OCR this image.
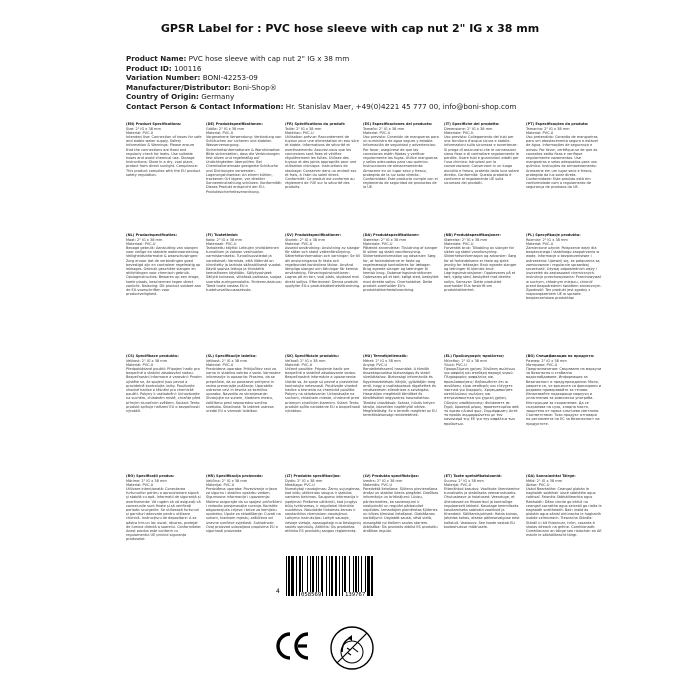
GPSR Label for : PVC hose sleeve with cap nut 2" IG x 38 mm
Product Name: PVC hose sleeve with cap nut 2" IG x 38 mm
Product ID: 100116
Variation Number: BONI-42253-09
Manufacturer/Distributor: Boni-Shop®
Country of Origin: Germany
Contact Person & Contact Information: Hr. Stanislav Maer, +49(0)4221 45 777 00, info@boni-shop.com
(EN) Product Specifications:
Size: 2" IG x 38 mm
Material: PVC-U
Intended Use: Connection of hoses for safe and stable water supply. Safety Information & Warnings: Please ensure that the connections are fixed and regularly check for leaks. Use suitable hoses and avoid chemical use. Storage Instructions: Store in a dry, cool place, protect from direct sunlight. Compliance: This product complies with the EU product safety regulation.
(DE) Produktspezifikationen:
Größe: 2" IG x 38 mm
Material: PVC-U
Vorgesehene Verwendung: Verbindung von Schläuchen zur sicheren und stabilen Wasserversorgung. Sicherheitsinformationen & Warnhinweise: Bitte sicherstellen, dass die Verbindungen fest sitzen und regelmäßig auf Undichtigkeiten überprüfen. Bei Chemikalieneinsatz geeignete Schläuche und Dichtungen verwenden. Lagerungshinweise: An einem kühlen, trockenen Ort lagern, vor direkter Sonneneinstrahlung schützen. Konformität: Dieses Produkt entspricht der EU-Produktsicherheitsverordnung.
(FR) Spécifications du produit:
Taille: 2" IG x 38 mm
Matériau: PVC-U
Utilisation prévue: Raccordement de tuyaux pour une alimentation en eau sûre et stable. Informations de sécurité et avertissements: Assurez-vous que les connexions sont fixes et vérifiez régulièrement les fuites. Utilisez des tuyaux et des joints appropriés pour une utilisation chimique. Instructions de stockage: Conserver dans un endroit sec et frais, à l'abri du soleil direct. Conformité: Ce produit est conforme au règlement de l'UE sur la sécurité des produits.
(ES) Especificaciones del producto:
Tamaño: 2" IG x 38 mm
Material: PVC-U
Uso previsto: Conexión de mangueras para un suministro de agua seguro y estable. Información de seguridad y advertencias: Por favor, asegúrese de que las conexiones estén fijadas y verificar regularmente las fugas. Utilice mangueras y sellos adecuados para uso químico. Instrucciones de almacenamiento: Almacene en un lugar seco y fresco, protegido de la luz solar directa. Conformidad: Este producto cumple con el reglamento de seguridad de productos de la UE.
(IT) Specifiche del prodotto:
Dimensione: 2" IG x 38 mm
Materiale: PVC-U
Uso previsto: Collegamento dei tubi per una fornitura d'acqua sicura e stabile. Informazioni sulla sicurezza e avvertenze: Si prega di assicurarsi che le connessioni siano fisse e di controllare regolarmente le perdite. Usare tubi e guarnizioni adatti per l'uso chimico. Istruzioni per la conservazione: Conservare in un luogo asciutto e fresco, protetto dalla luce solare diretta. Conformità: Questo prodotto è conforme al regolamento UE sulla sicurezza dei prodotti.
(PT) Especificações do produto:
Tamanho: 2" IG x 38 mm
Material: PVC-U
Uso pretendido: Conexão de mangueiras para um abastecimento seguro e estável de água. Informações de segurança e avisos: Por favor, certifique-se de que as conexões estão fixas e verifique regularmente vazamentos. Use mangueiras e selos adequados para uso químico. Instruções de armazenamento: Armazene em um lugar seco e fresco, protegido da luz solar direta. Conformidade: Este produto está em conformidade com o regulamento de segurança de produtos da UE.
(NL) Productspecificaties:
Maat: 2" IG x 38 mm
Materiaal: PVC-U
Beoogd gebruik: Aansluiting van slangen voor veilige en stabiele watervoorziening. Veiligheidsinformatie & waarschuwingen: Zorg ervoor dat de verbindingen goed bevestigd zijn en controleer regelmatig op lekkages. Gebruik geschikte slangen en afdichtingen voor chemisch gebruik. Opslaginstructies: Bewaren op een droge, koele plaats, beschermen tegen direct zonlicht. Naleving: Dit product voldoet aan de EU-voorschriften voor productveiligheid.
(FI) Tuotetiedot:
Koko: 2" IG x 38 mm
Materiaali: PVC-U
Tarkoitettu käyttö: Letkujen yhdistäminen turvallisen ja vakaan vesihuollon varmistamiseksi. Turvallisuustiedot ja varoitukset: Varmista, että liitännät on kiinnitetty ja tarkista säännöllisesti vuodot. Käytä sopivia letkuja ja tiivisteitä kemialliseen käyttöön. Säilytysohjeet: Säilytä kuivassa, viileässä paikassa, suojaa suoralta auringonvalolta. Yhdenmukaisuus: Tämä tuote vastaa EU:n tuoteturvallisuusasetusta.
(SV) Produktspecifikationer:
Storlek: 2" IG x 38 mm
Material: PVC-U
Avsedd användning: Anslutning av slangar för säker och stabil vattenförsörjning. Säkerhetsinformation och varningar: Se till att anslutningarna är fasta och regelbundet kontrollera läckor. Använd lämpliga slangar och tätningar för kemisk användning. Förvaringsinstruktioner: Lagras på en torr, sval plats, skyddad mot direkt solljus. Efterlevnad: Denna produkt uppfyller EU:s produktsäkerhetsförordning.
(DA) Produktspecifikationer:
Størrelse: 2" IG x 38 mm
Materiale: PVC-U
Påtænkt anvendelse: Tilslutning af slanger til sikker og stabil vandforsyning. Sikkerhedsinformation og advarsler: Sørg for, at forbindelserne er faste og regelmæssigt kontrolleres for lækager. Brug egnede slanger og tætninger til kemisk brug. Opbevaringsinstruktioner: Opbevares på et tørt, køligt sted, beskyttet mod direkte sollys. Overholdelse: Dette produkt overholder EU's produktsikkerhedsforordning.
(NB) Produktspesifikasjoner:
Størrelse: 2" IG x 38 mm
Materiale: PVC-U
Forventet bruk: Tilkobling av slanger for sikker og stabil vannforsyning. Sikkerhetsinformasjon og advarsler: Sørg for at forbindelsene er faste og sjekk jevnlig for lekkasjer. Bruk egnede slanger og tetninger til kjemisk bruk. Lagringsinstruksjoner: Oppbevares på et tørt, kjølig sted, beskyttet mot direkte sollys. Samsvar: Dette produktet overholder EUs forskrift om produktsikkerhet.
(PL) Specyfikacje produktu:
Rozmiar: 2" IG x 38 mm
Materiał: PVC-U
Zamierzone użycie: Połączenie węży dla bezpiecznego i stabilnego zaopatrzenia w wodę. Informacje o bezpieczeństwie i ostrzeżenia: Upewnij się, że połączenia są zamocowane i regularnie sprawdzaj szczelność. Używaj odpowiednich węży i uszczelek do zastosowań chemicznych. Instrukcje przechowywania: Przechowywać w suchym, chłodnym miejscu, chronić przed bezpośrednim światłem słonecznym. Zgodność: Ten produkt jest zgodny z rozporządzeniem UE w sprawie bezpieczeństwa produktów.
(CS) Specifikace produktu:
Velikost: 2" IG x 38 mm
Materiál: PVC-U
Předpokládané použití: Připojení hadic pro bezpečné a stabilní zásobování vodou. Bezpečnostní informace a varování: Prosím ujistěte se, že spojení jsou pevná a pravidelně kontrolujte úniky. Používejte vhodné hadice a těsnění pro chemické použití. Pokyny k uskladnění: Uchovávejte na suchém, chladném místě, chraňte před přímým slunečním světlem. Soulad: Tento produkt splňuje nařízení EU o bezpečnosti výrobků.
(SL) Specifikacije izdelka:
Velikost: 2" IG x 38 mm
Material: PVC-U
Predvidena uporaba: Priključitev cevi za varno in stabilno oskrbo z vodo. Varnostne informacije in opozorila: Prosimo, da se prepričate, da so povezave pritrjene in redno preverjajte puščanje. Uporabite ustrezne cevi in tesnila za kemično uporabo. Navodila za shranjevanje: Shranjujte na suhem, hladnem mestu, zaščiteno pred neposredno sončno svetlobo. Skladnost: Ta izdelek ustreza uredbi EU o varnosti izdelkov.
(SK) Špecifikácie produktu:
Veľkosť: 2" IG x 38 mm
Materiál: PVC-U
Určené použitie: Pripojenie hadíc pre bezpečné a stabilné zásobovanie vodou. Bezpečnostné informácie a upozornenia: Uistite sa, že spoje sú pevné a pravidelne kontrolujte netesnosti. Používajte vhodné hadice a tesnenia na chemické použitie. Pokyny na skladovanie: Uchovávajte na suchom, chladnom mieste, chránené pred priamym slnečným žiarením. Súlad: Tento produkt spĺňa nariadenie EÚ o bezpečnosti výrobkov.
(HU) Termékjellemzők:
Méret: 2" IG x 38 mm
Anyag: PVC-U
Rendeltetésszerű használat: A tömlők összekapcsolása biztonságos és stabil vízellátáshoz. Biztonsági információk és figyelmeztetések: Kérjük, győződjön meg arról, hogy a csatlakozások rögzítettek és rendszeresen ellenőrizze a szivárgást. Használjon megfelelő tömlőket és tömítéseket vegyszeres használathoz. Tárolási utasítások: Száraz, hűvös helyen tárolja, közvetlen napfénytől védve. Megfelelőség: Ez a termék megfelel az EU termékbiztonsági rendeletének.
(EL) Προδιαγραφές προϊόντος:
Μέγεθος: 2" IG x 38 mm
Υλικό: PVC-U
Προοριζόμενη χρήση: Σύνδεση σωλήνων για ασφαλή και σταθερή παροχή νερού. Πληροφορίες ασφαλείας και προειδοποιήσεις: Βεβαιωθείτε ότι οι συνδέσεις είναι σταθερές και ελέγχετε τακτικά για διαρροές. Χρησιμοποιήστε κατάλληλους σωλήνες και στεγανοποιητικά για χημική χρήση. Οδηγίες αποθήκευσης: Φυλάσσετε σε ξηρό, δροσερό μέρος, προστατευμένο από το άμεσο ηλιακό φως. Συμμόρφωση: Αυτό το προϊόν συμμορφώνεται με τον κανονισμό της ΕΕ για την ασφάλεια των προϊόντων.
(BG) Спецификации на продукта:
Размер: 2" IG x 38 mm
Материал: PVC-U
Предназначение: Свързване на маркучи за безопасно и стабилно водоснабдяване. Информация за безопасност и предупреждения: Моля, уверете се, че връзките са фиксирани и редовно проверявайте за течове. Използвайте подходящи маркучи и уплътнения за химическа употреба. Инструкции за съхранение: Да се съхранява на сухо, хладно място, защитено от пряка слънчева светлина. Съответствие: Този продукт отговаря на регламента на ЕС за безопасност на продуктите.
(RO) Specificații produs:
Mărime: 2" IG x 38 mm
Material: PVC-U
Utilizare intenționată: Conectarea furtunurilor pentru o aprovizionare sigură și stabilă cu apă. Informații de siguranță și avertismente: Vă rugăm să vă asigurați că conexiunile sunt fixate și să verificați periodic scurgerile. Se utilizează furtunuri și garnituri adecvate pentru utilizare chimică. Instrucțiuni de depozitare: A se păstra într-un loc uscat, răcoros, protejat de lumina directă a soarelui. Conformitate: Acest produs este conform cu regulamentul UE privind siguranța produselor.
(HR) Specifikacija proizvoda:
Veličina: 2" IG x 38 mm
Materijal: PVC-U
Predviđena uporaba: Povezivanje crijeva za sigurnu i stabilnu opskrbu vodom. Sigurnosne informacije i upozorenja: Molimo osigurajte da su spojevi pričvršćeni i redovito provjeravajte curenja. Koristite odgovarajuća crijeva i brtve za kemijsku upotrebu. Upute za skladištenje: Čuvati na suhom, hladnom mjestu, zaštićeno od izravne sunčeve svjetlosti. Sukladnost: Ovaj proizvod udovoljava propisima EU o sigurnosti proizvoda.
(LT) Produkto specifikacijos:
Dydis: 2" IG x 38 mm
Medžiaga: PVC-U
Numatytoji naudojimas: Žarnų sujungimas, kad būtų užtikrintas saugus ir stabilus vandens tiekimas. Saugumo informacija ir įspėjimai: Prašome užtikrinti, kad jungtys būtų tvirtinamos, ir reguliariai tikrinkite nuotėkius. Naudokite tinkamas žarnas ir sandariklius cheminiam naudojimui. Laikymo instrukcijos: Laikyti sausoje, vėsioje vietoje, apsaugotoje nuo tiesioginių saulės spindulių. Atitiktis: Šis produktas atitinka ES produktų saugos reglamentą.
(LV) Produkta specifikācijas:
Izmērs: 2" IG x 38 mm
Materiāls: PVC-U
Paredzētā lietošana: Šļūtenu pievienošana drošai un stabilai ūdens piegādei. Drošības informācija un brīdinājumi: Lūdzu, pārliecinieties, ka savienojumi ir nostiprināti un regulāri pārbaudiet noplūdes. Izmantojiet piemērotas šļūtenes un blīves ķīmiskai lietošanai. Glabāšanas norādījumi: Uzglabāt sausā, vēsā vietā, aizsargātā no tiešiem saules stariem. Atbilstība: Šis produkts atbilst ES produktu drošības regulai.
(ET) Toote spetsifikatsioonid:
Suurus: 2" IG x 38 mm
Materjal: PVC-U
Ettenähtud kasutus: Voolikute ühendamine turvaliseks ja stabiilseks veevarustuseks. Ohutusteave ja hoiatused: Veenduge, et ühendused on fikseeritud ja kontrollige regulaarselt lekkeid. Kasutage keemiliseks kasutamiseks sobivaid voolikuid ja tihendeid. Säilitamisjuhised: Hoida kuivas, jahedas kohas, otsese päikesevalguse eest kaitstult. Vastavus: See toode vastab ELi tooteohutuse määrusele.
(GA) Sonraíochtaí Táirge:
Méid: 2" IG x 38 mm
Ábhar: PVC-U
Úsáid Beartaithe: Ceangal píobán le haghaidh soláthair uisce sábháilte agus cobhsaí. Faisnéis Sábháilteachta agus Rabhaidh: Déan cinnte go bhfuil na ceangail socraithe agus seiceáil go rialta le haghaidh sceitheadh. Bain úsáid as píobáin agus séalaí oiriúnacha le haghaidh úsáide ceimiceach. Treoracha Stórála: Stóráil in áit fhionnuar, tirim, cosanta ó sholas díreach na gréine. Comhlíonadh: Comhlíonann an táirge seo rialachán an AE maidir le sábháilteacht táirgí.
4	058569	139767
